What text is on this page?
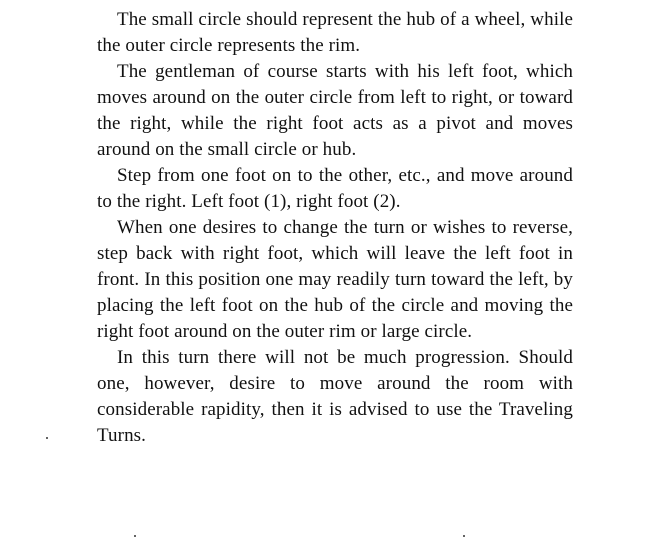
The small circle should represent the hub of a wheel, while the outer circle represents the rim.

The gentleman of course starts with his left foot, which moves around on the outer circle from left to right, or toward the right, while the right foot acts as a pivot and moves around on the small circle or hub.

Step from one foot on to the other, etc., and move around to the right. Left foot (1), right foot (2).

When one desires to change the turn or wishes to reverse, step back with right foot, which will leave the left foot in front. In this position one may readily turn toward the left, by placing the left foot on the hub of the circle and moving the right foot around on the outer rim or large circle.

In this turn there will not be much progression. Should one, however, desire to move around the room with considerable rapidity, then it is advised to use the Traveling Turns.
